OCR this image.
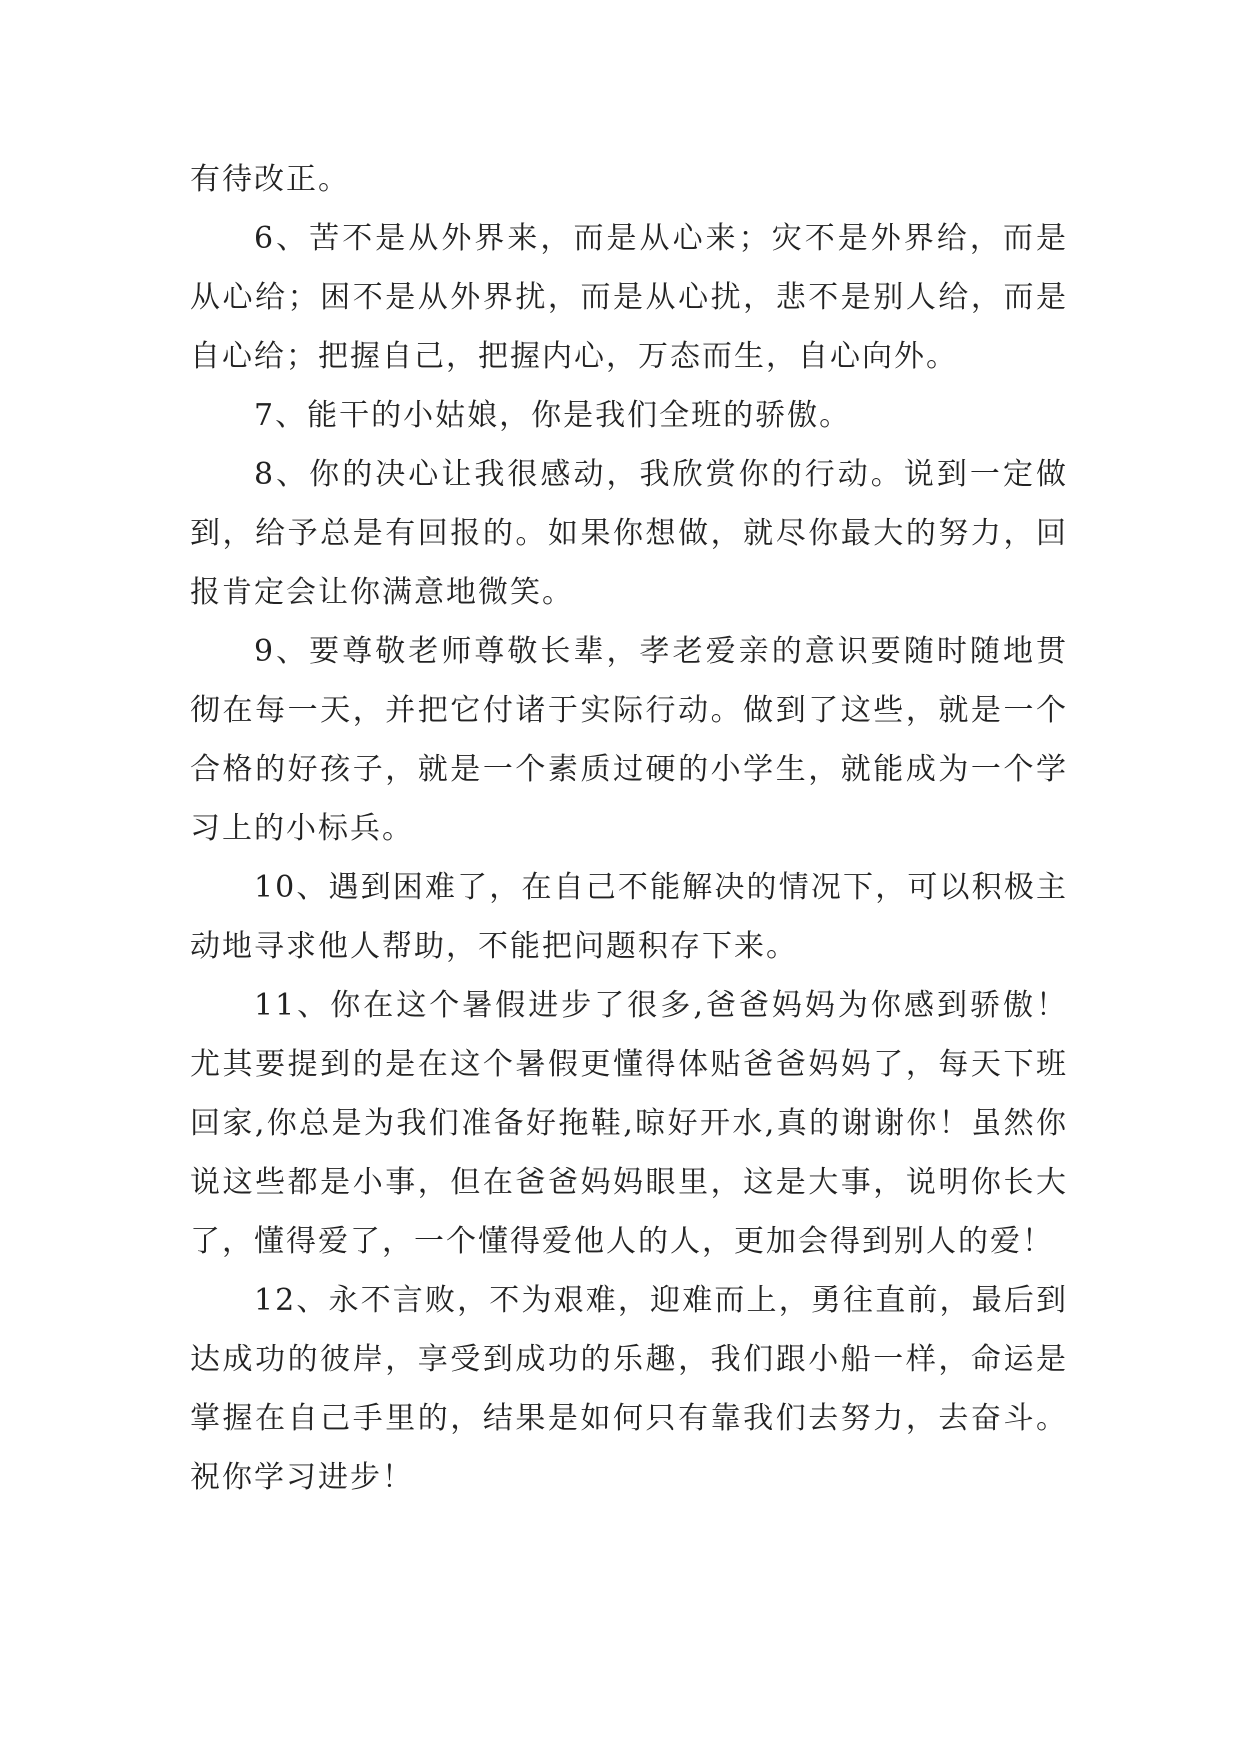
有待改正。

6、苦不是从外界来，而是从心来；灾不是外界给，而是从心给；困不是从外界扰，而是从心扰，悲不是别人给，而是自心给；把握自己，把握内心，万态而生，自心向外。

7、能干的小姑娘，你是我们全班的骄傲。

8、你的决心让我很感动，我欣赏你的行动。说到一定做到，给予总是有回报的。如果你想做，就尽你最大的努力，回报肯定会让你满意地微笑。

9、要尊敬老师尊敬长辈，孝老爱亲的意识要随时随地贯彻在每一天，并把它付诸于实际行动。做到了这些，就是一个合格的好孩子，就是一个素质过硬的小学生，就能成为一个学习上的小标兵。

10、遇到困难了，在自己不能解决的情况下，可以积极主动地寻求他人帮助，不能把问题积存下来。

11、你在这个暑假进步了很多,爸爸妈妈为你感到骄傲！尤其要提到的是在这个暑假更懂得体贴爸爸妈妈了，每天下班回家,你总是为我们准备好拖鞋,晾好开水,真的谢谢你！虽然你说这些都是小事，但在爸爸妈妈眼里，这是大事，说明你长大了，懂得爱了，一个懂得爱他人的人，更加会得到别人的爱！

12、永不言败，不为艰难，迎难而上，勇往直前，最后到达成功的彼岸，享受到成功的乐趣，我们跟小船一样，命运是掌握在自己手里的，结果是如何只有靠我们去努力，去奋斗。祝你学习进步！
